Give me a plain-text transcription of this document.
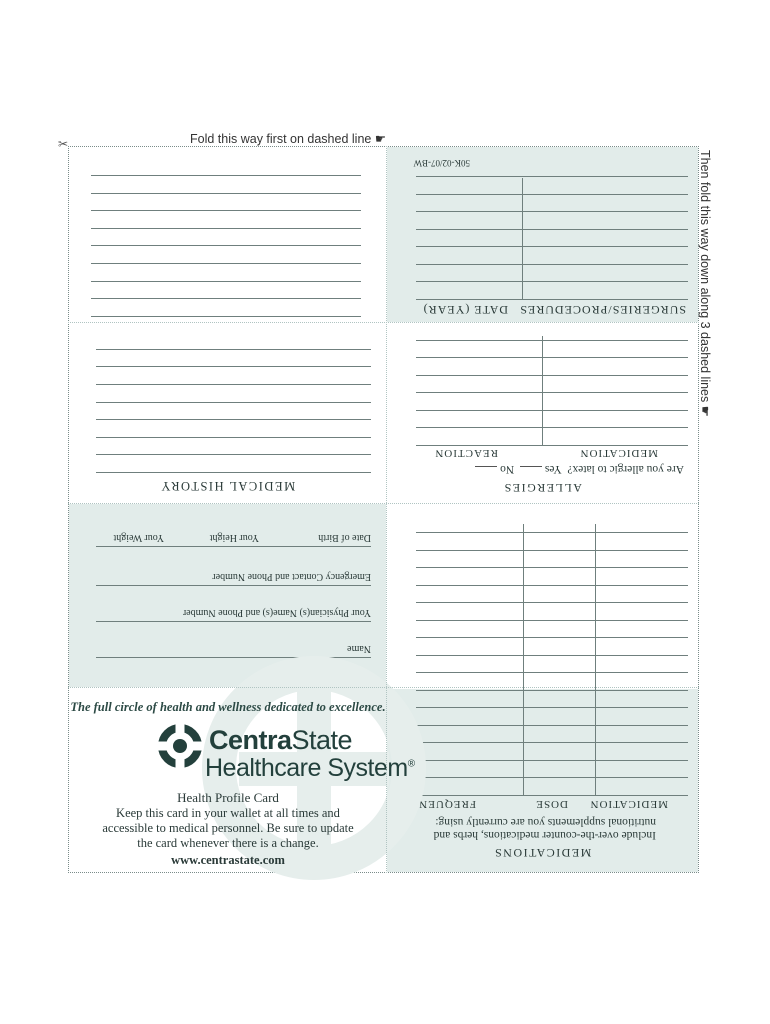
✂	Fold this way first on dashed line ☛
Then fold this way down along 3 dashed lines ☛
SURGERIES/PROCEDURES
DATE (YEAR)
50K-02/07-BW
MEDICAL HISTORY	ALLERGIES
Are you allergic to latex?  Yes   No
MEDICATION
REACTION
Name
Your Physician(s) Name(s) and Phone Number
Emergency Contact and Phone Number
Date of Birth
Your Height
Your Weight
MEDICATIONS
Include over-the-counter medications, herbs and
nutritional supplements you are currently using:
MEDICATION
DOSE
FREQUENCY
The full circle of health and wellness dedicated to excellence.
CentraState
Healthcare System®
Health Profile Card
Keep this card in your wallet at all times and
accessible to medical personnel. Be sure to update
the card whenever there is a change.
www.centrastate.com
